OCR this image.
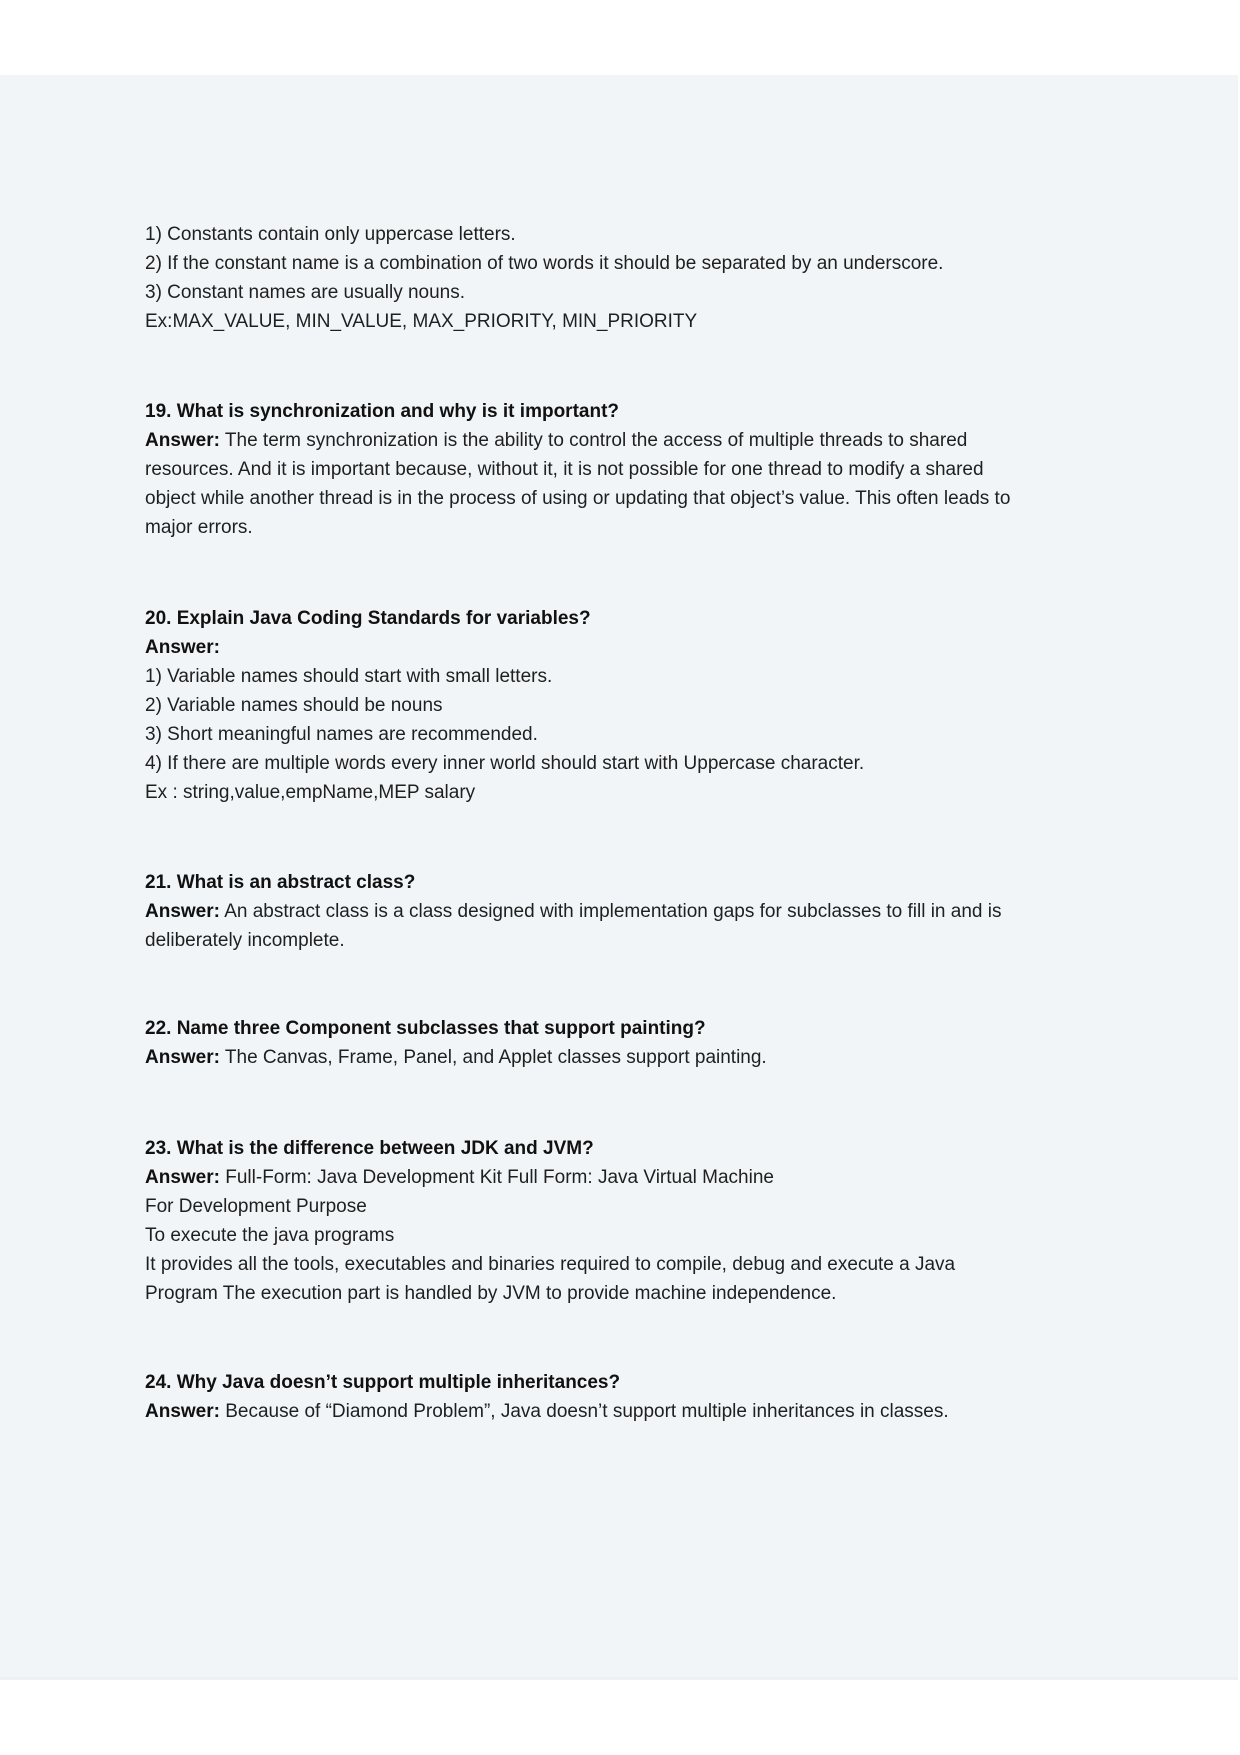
1) Constants contain only uppercase letters.
2) If the constant name is a combination of two words it should be separated by an underscore.
3) Constant names are usually nouns.
Ex:MAX_VALUE, MIN_VALUE, MAX_PRIORITY, MIN_PRIORITY
19. What is synchronization and why is it important?
Answer: The term synchronization is the ability to control the access of multiple threads to shared
resources. And it is important because, without it, it is not possible for one thread to modify a shared
object while another thread is in the process of using or updating that object’s value. This often leads to
major errors.
20. Explain Java Coding Standards for variables?
Answer:
1) Variable names should start with small letters.
2) Variable names should be nouns
3) Short meaningful names are recommended.
4) If there are multiple words every inner world should start with Uppercase character.
Ex : string,value,empName,MEP salary
21. What is an abstract class?
Answer: An abstract class is a class designed with implementation gaps for subclasses to fill in and is
deliberately incomplete.
22. Name three Component subclasses that support painting?
Answer: The Canvas, Frame, Panel, and Applet classes support painting.
23. What is the difference between JDK and JVM?
Answer: Full-Form: Java Development Kit Full Form: Java Virtual Machine
For Development Purpose
To execute the java programs
It provides all the tools, executables and binaries required to compile, debug and execute a Java
Program The execution part is handled by JVM to provide machine independence.
24. Why Java doesn’t support multiple inheritances?
Answer: Because of “Diamond Problem”, Java doesn’t support multiple inheritances in classes.
